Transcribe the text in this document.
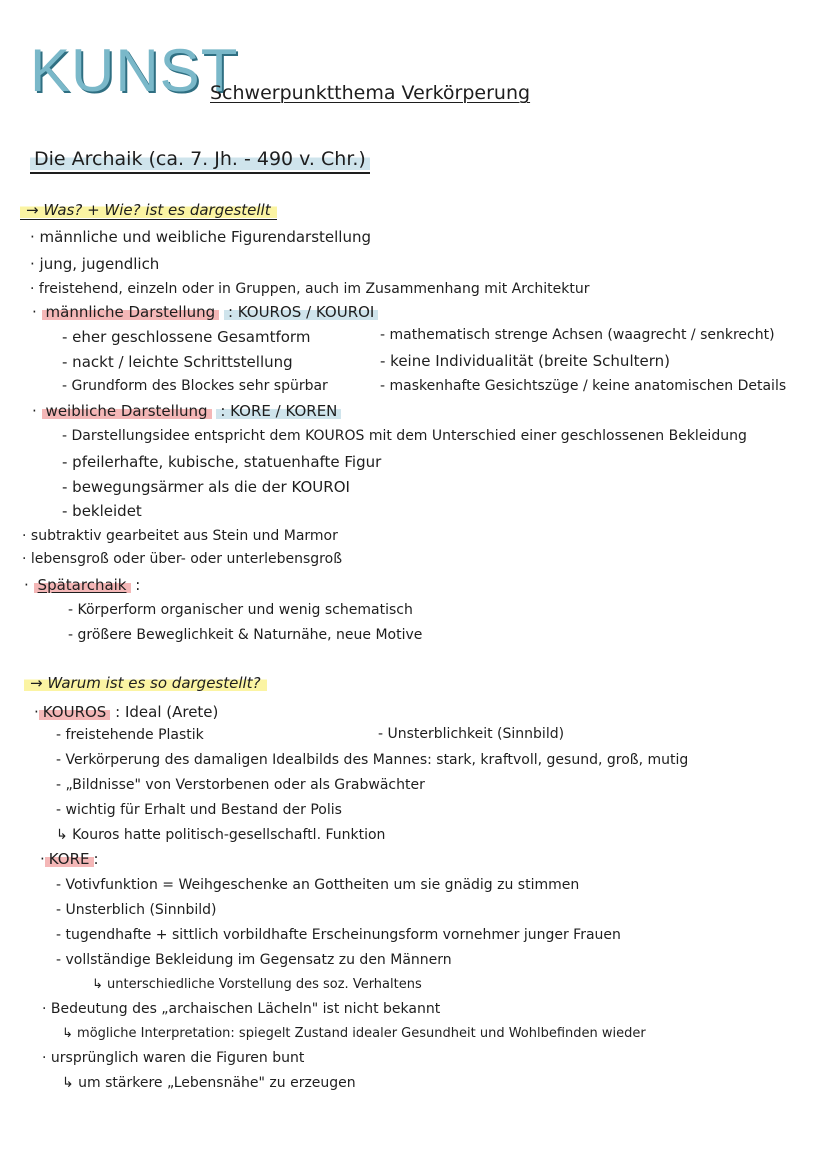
KUNST
Schwerpunktthema Verkörperung
Die Archaik (ca. 7. Jh. - 490 v. Chr.)
→ Was? + Wie? ist es dargestellt
· männliche und weibliche Figurendarstellung
· jung, jugendlich
· freistehend, einzeln oder in Gruppen, auch im Zusammenhang mit Architektur
· männliche Darstellung : KOUROS / KOUROI
- eher geschlossene Gesamtform
- nackt / leichte Schrittstellung
- Grundform des Blockes sehr spürbar
- mathematisch strenge Achsen (waagrecht / senkrecht)
- keine Individualität (breite Schultern)
- maskenhafte Gesichtszüge / keine anatomischen Details
· weibliche Darstellung : KORE / KOREN
- Darstellungsidee entspricht dem KOUROS mit dem Unterschied einer geschlossenen Bekleidung
- pfeilerhafte, kubische, statuenhafte Figur
- bewegungsärmer als die der KOUROI
- bekleidet
· subtraktiv gearbeitet aus Stein und Marmor
· lebensgroß oder über- oder unterlebensgroß
· Spätarchaik :
- Körperform organischer und wenig schematisch
- größere Beweglichkeit & Naturnähe, neue Motive
→ Warum ist es so dargestellt?
· KOUROS : Ideal (Arete)
- freistehende Plastik	- Unsterblichkeit (Sinnbild)
- Verkörperung des damaligen Idealbilds des Mannes: stark, kraftvoll, gesund, groß, mutig
- „Bildnisse" von Verstorbenen oder als Grabwächter
- wichtig für Erhalt und Bestand der Polis
↳ Kouros hatte politisch-gesellschaftl. Funktion
· KORE :
- Votivfunktion = Weihgeschenke an Gottheiten um sie gnädig zu stimmen
- Unsterblich (Sinnbild)
- tugendhafte + sittlich vorbildhafte Erscheinungsform vornehmer junger Frauen
- vollständige Bekleidung im Gegensatz zu den Männern
↳ unterschiedliche Vorstellung des soz. Verhaltens
· Bedeutung des „archaischen Lächeln" ist nicht bekannt
↳ mögliche Interpretation: spiegelt Zustand idealer Gesundheit und Wohlbefinden wieder
· ursprünglich waren die Figuren bunt
↳ um stärkere „Lebensnähe" zu erzeugen
